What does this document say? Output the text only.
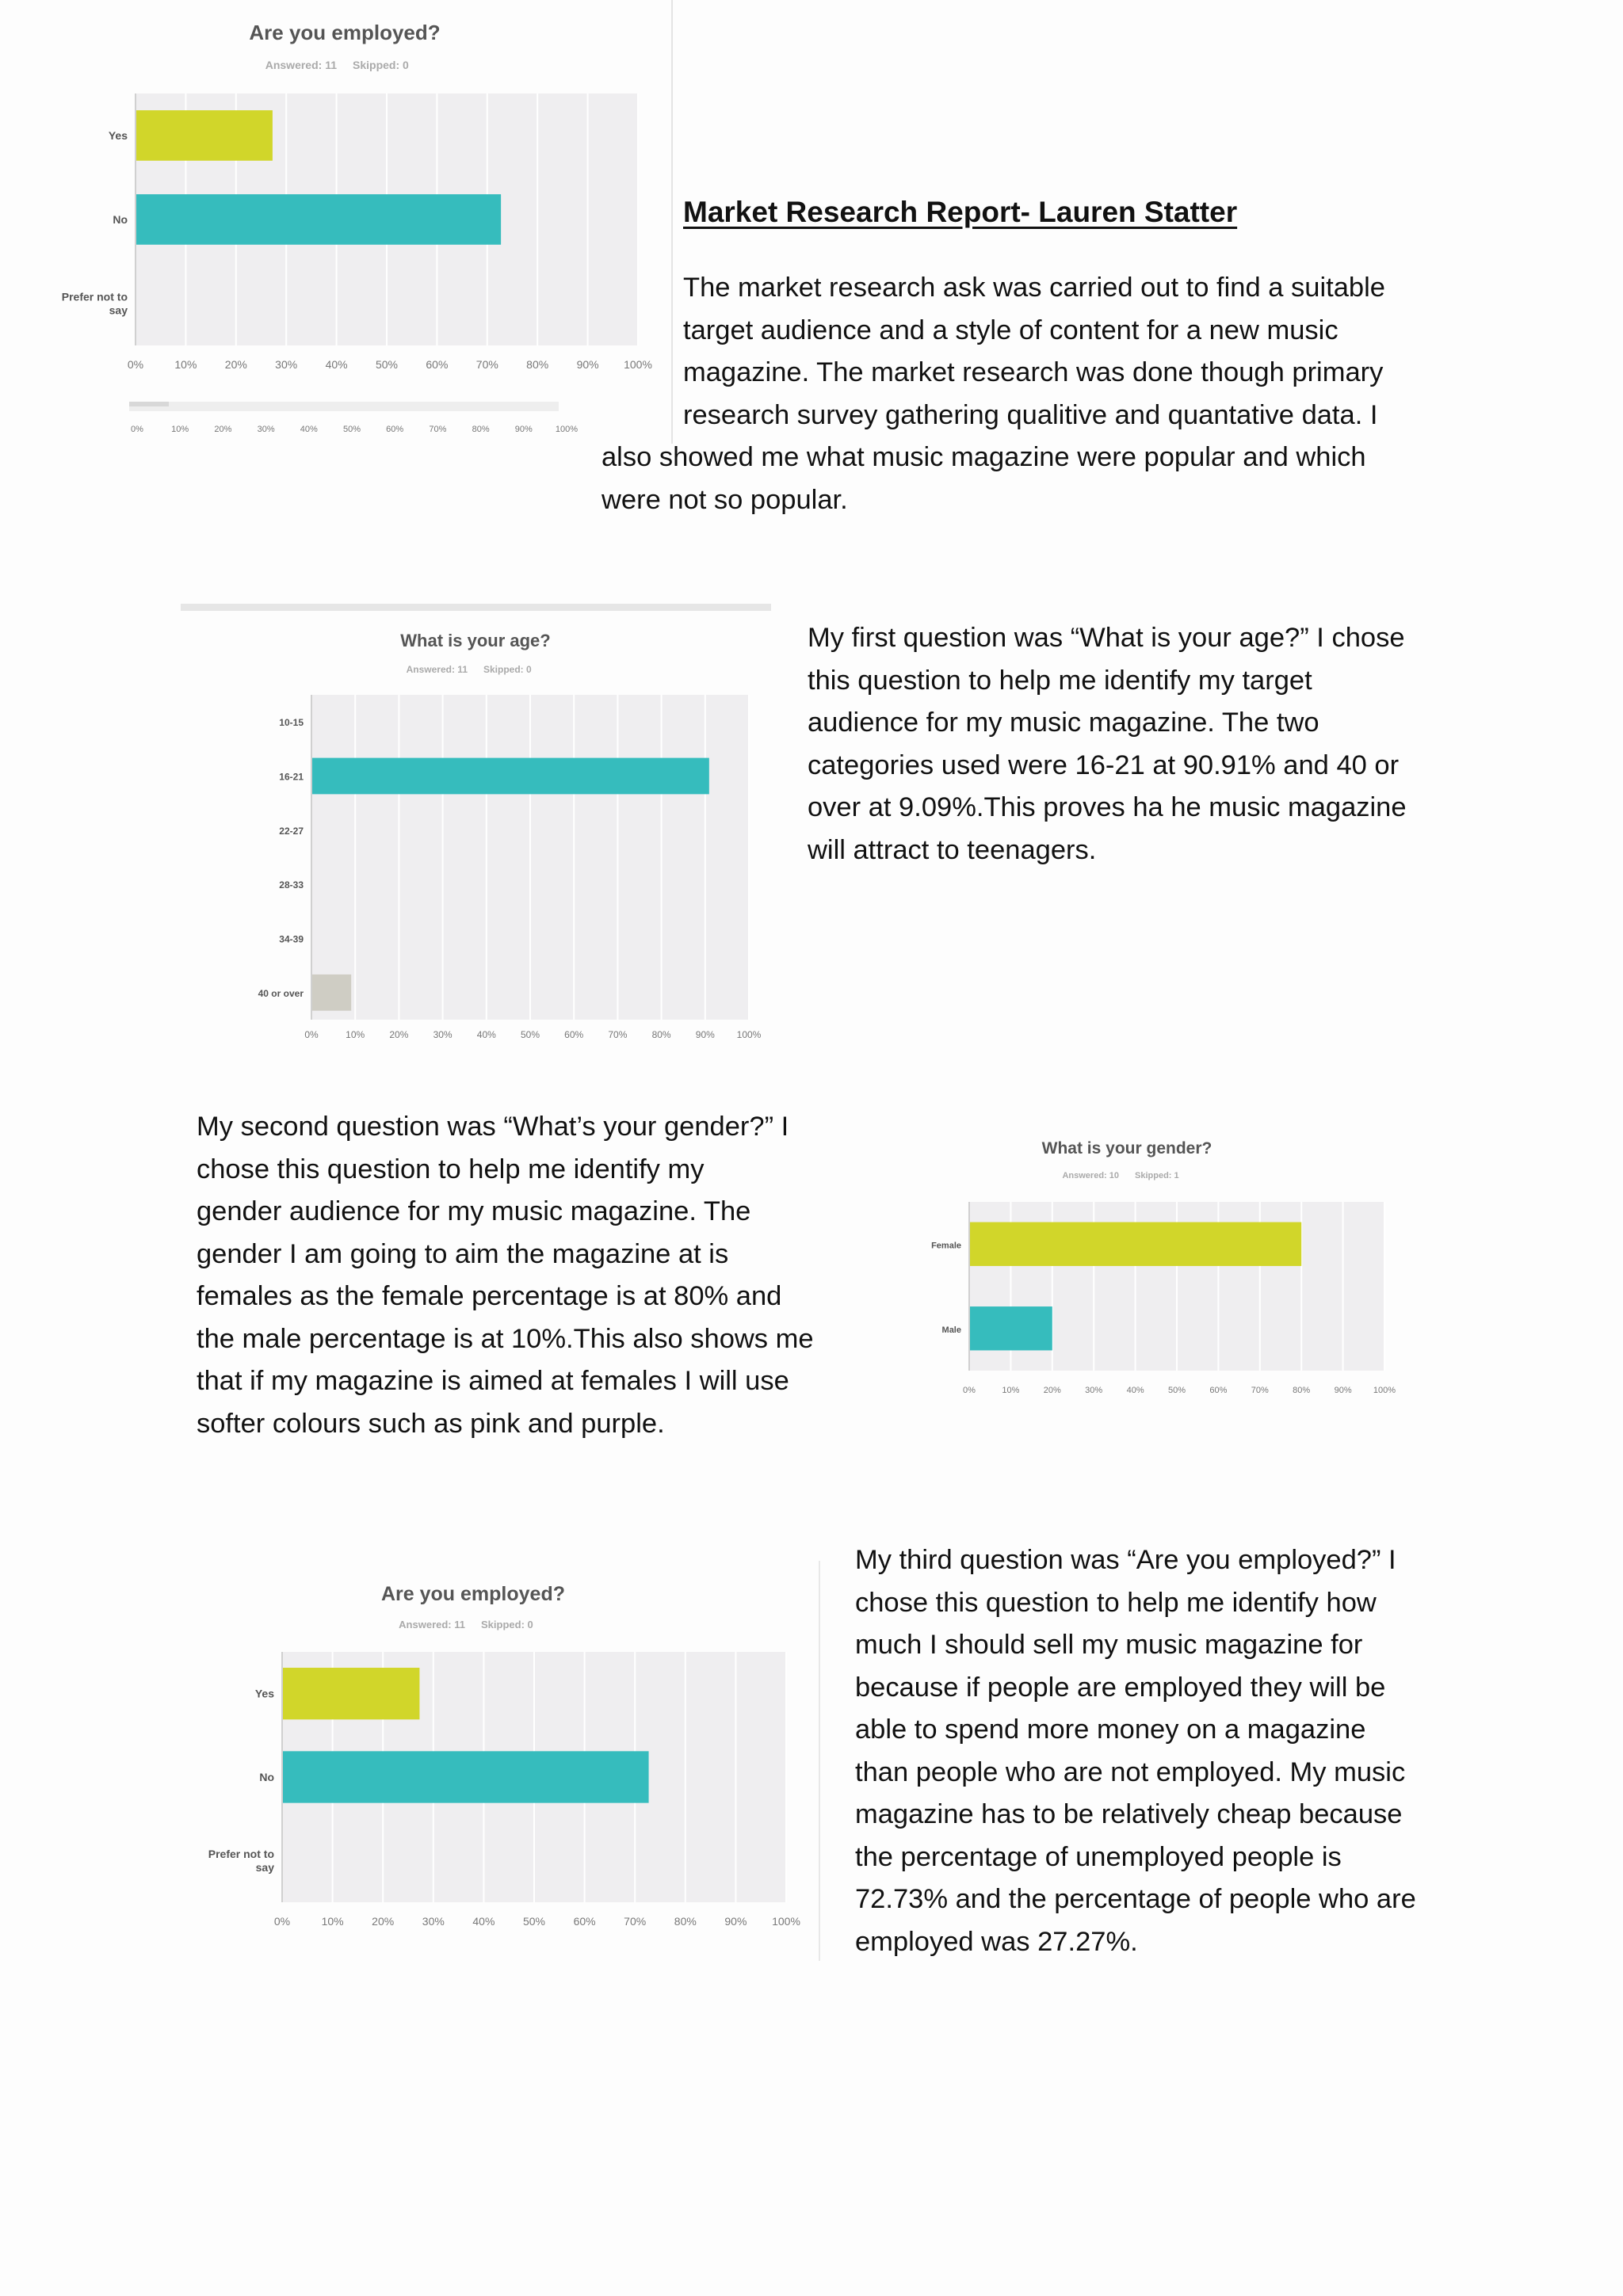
Are you employed?
Answered: 11 Skipped: 0
0%	10%	20%	30%	40%	50%	60%	70%	80%	90% 100%
Yes
No
Prefer not to say
0%	10%	20%	30%	40%	50%	60%	70%	80%	90%	100%
Market Research Report- Lauren Statter

The market research ask was carried out to find a suitable

target audience and a style of content for a new music

magazine. The market research was done though primary

research survey gathering qualitive and quantative data. I

also showed me what music magazine were popular and which

were not so popular.

What is your age?
Answered: 11 Skipped: 0
0%	10%	20%	30%	40%	50%	60%	70%	80%	90% 100%
10-15
16-21
22-27
28-33
34-39
40 or over

My first question was “What is your age?” I chose

this question to help me identify my target

audience for my music magazine. The two

categories used were 16-21 at 90.91% and 40 or

over at 9.09%.This proves ha he music magazine

will attract to teenagers.

My second question was “What’s your gender?” I

chose this question to help me identify my

gender audience for my music magazine. The

gender I am going to aim the magazine at is

females as the female percentage is at 80% and

the male percentage is at 10%.This also shows me

that if my magazine is aimed at females I will use

softer colours such as pink and purple.

What is your gender?
Answered: 10 Skipped: 1
0%	10%	20%	30%	40%	50%	60%	70%	80%	90% 100%
Female
Male
Are you employed?
Answered: 11 Skipped: 0
0%	10%	20%	30%	40%	50%	60%	70%	80%	90% 100%
Yes
No
Prefer not to say

My third question was “Are you employed?” I

chose this question to help me identify how

much I should sell my music magazine for

because if people are employed they will be

able to spend more money on a magazine

than people who are not employed. My music

magazine has to be relatively cheap because

the percentage of unemployed people is

72.73% and the percentage of people who are

employed was 27.27%.
